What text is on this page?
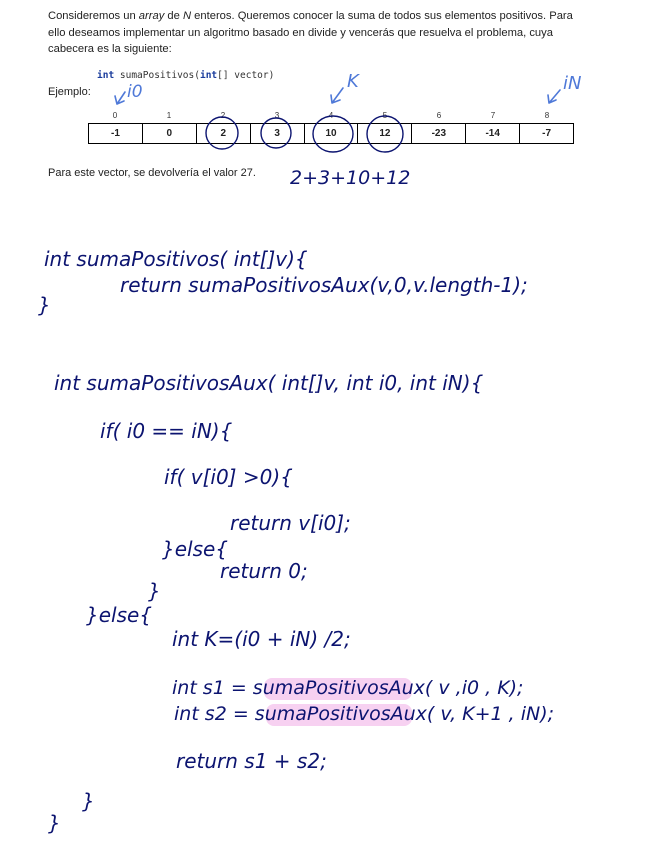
Consideremos un array de N enteros. Queremos conocer la suma de todos sus elementos positivos. Para ello deseamos implementar un algoritmo basado en divide y vencerás que resuelva el problema, cuya cabecera es la siguiente:
int sumaPositivos(int[] vector)
Ejemplo:
0	1	2	3	4	5	6	7	8
-1	0	2	3	10	12	-23	-14	-7
Para este vector, se devolvería el valor 27.
i0	K	iN
2+3+10+12
int sumaPositivos( int[]v){
return sumaPositivosAux(v,0,v.length-1);
}
int sumaPositivosAux( int[]v, int i0, int iN){
if( i0 == iN){
if( v[i0] >0){
return v[i0];
}else{
return 0;
}
}else{
int K=(i0 + iN) /2;
int s1 = sumaPositivosAux( v ,i0 , K);
int s2 = sumaPositivosAux( v, K+1 , iN);
return s1 + s2;
}
}
